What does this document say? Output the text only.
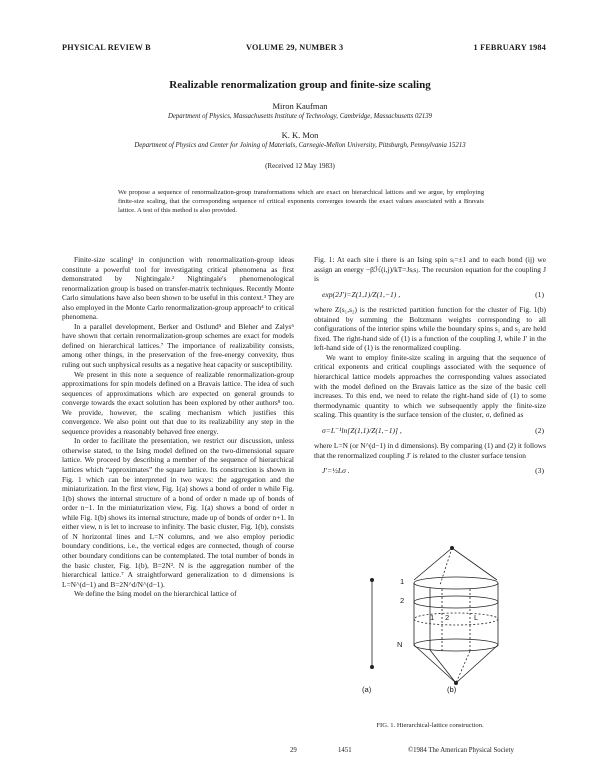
PHYSICAL REVIEW B	VOLUME 29, NUMBER 3	1 FEBRUARY 1984
Realizable renormalization group and finite-size scaling
Miron Kaufman
Department of Physics, Massachusetts Institute of Technology, Cambridge, Massachusetts 02139
K. K. Mon
Department of Physics and Center for Joining of Materials, Carnegie-Mellon University, Pittsburgh, Pennsylvania 15213
(Received 12 May 1983)
We propose a sequence of renormalization-group transformations which are exact on hierarchical lattices and we argue, by employing finite-size scaling, that the corresponding sequence of critical exponents converges towards the exact values associated with a Bravais lattice. A test of this method is also provided.

Finite-size scaling¹ in conjunction with renormalization-group ideas constitute a powerful tool for investigating critical phenomena as first demonstrated by Nightingale.² Nightingale's phenomenological renormalization group is based on transfer-matrix techniques. Recently Monte Carlo simulations have also been shown to be useful in this context.³ They are also employed in the Monte Carlo renormalization-group approach⁴ to critical phenomena.

In a parallel development, Berker and Ostlund⁵ and Bleher and Zalys⁶ have shown that certain renormalization-group schemes are exact for models defined on hierarchical lattices.⁷ The importance of realizability consists, among other things, in the preservation of the free-energy convexity, thus ruling out such unphysical results as a negative heat capacity or susceptibility.

We present in this note a sequence of realizable renormalization-group approximations for spin models defined on a Bravais lattice. The idea of such sequences of approximations which are expected on general grounds to converge towards the exact solution has been explored by other authors⁸ too. We provide, however, the scaling mechanism which justifies this convergence. We also point out that due to its realizability any step in the sequence provides a reasonably behaved free energy.

In order to facilitate the presentation, we restrict our discussion, unless otherwise stated, to the Ising model defined on the two-dimensional square lattice. We proceed by describing a member of the sequence of hierarchical lattices which “approximates” the square lattice. Its construction is shown in Fig. 1 which can be interpreted in two ways: the aggregation and the miniaturization. In the first view, Fig. 1(a) shows a bond of order n while Fig. 1(b) shows the internal structure of a bond of order n made up of bonds of order n−1. In the miniaturization view, Fig. 1(a) shows a bond of order n while Fig. 1(b) shows its internal structure, made up of bonds of order n+1. In either view, n is let to increase to infinity. The basic cluster, Fig. 1(b), consists of N horizontal lines and L=N columns, and we also employ periodic boundary conditions, i.e., the vertical edges are connected, though of course other boundary conditions can be contemplated. The total number of bonds in the basic cluster, Fig. 1(b), B=2N². N is the aggregation number of the hierarchical lattice.⁷ A straightforward generalization to d dimensions is L=N^(d−1) and B=2N^d/N^(d−1).

We define the Ising model on the hierarchical lattice of

Fig. 1: At each site i there is an Ising spin sᵢ=±1 and to each bond (ij) we assign an energy −βℋ(i,j)/kT=Jsᵢsⱼ. The recursion equation for the coupling J is

exp(2J′)=Z(1,1)/Z(1,−1) ,	(1)

where Z(s₁,s₂) is the restricted partition function for the cluster of Fig. 1(b) obtained by summing the Boltzmann weights corresponding to all configurations of the interior spins while the boundary spins s₁ and s₂ are held fixed. The right-hand side of (1) is a function of the coupling J, while J′ in the left-hand side of (1) is the renormalized coupling.

We want to employ finite-size scaling in arguing that the sequence of critical exponents and critical couplings associated with the sequence of hierarchical lattice models approaches the corresponding values associated with the model defined on the Bravais lattice as the size of the basic cell increases. To this end, we need to relate the right-hand side of (1) to some thermodynamic quantity to which we subsequently apply the finite-size scaling. This quantity is the surface tension of the cluster, σ, defined as

σ=L⁻¹ln[Z(1,1)/Z(1,−1)] ,	(2)

where L=N (or N^(d−1) in d dimensions). By comparing (1) and (2) it follows that the renormalized coupling J′ is related to the cluster surface tension

J′=½Lσ .	(3)
1
2
N
1 2	L
(a)	(b)
FIG. 1. Hierarchical-lattice construction.
29	1451	©1984 The American Physical Society
